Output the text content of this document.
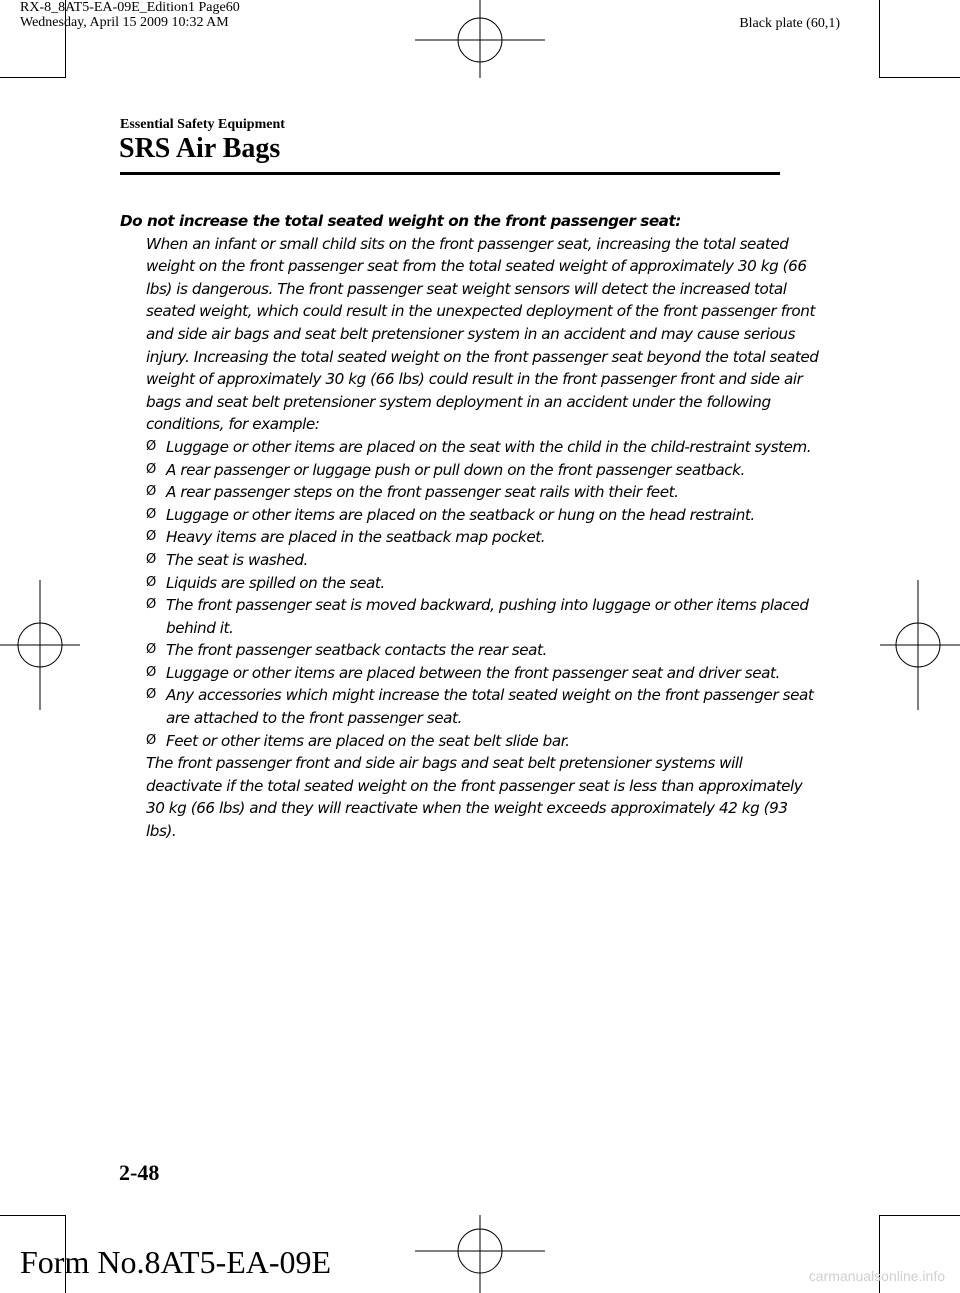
RX-8_8AT5-EA-09E_Edition1 Page60
Wednesday, April 15 2009 10:32 AM	Black plate (60,1)
Essential Safety Equipment
SRS Air Bags

Do not increase the total seated weight on the front passenger seat:

When an infant or small child sits on the front passenger seat, increasing the total seated weight on the front passenger seat from the total seated weight of approximately 30 kg (66 lbs) is dangerous. The front passenger seat weight sensors will detect the increased total seated weight, which could result in the unexpected deployment of the front passenger front and side air bags and seat belt pretensioner system in an accident and may cause serious injury. Increasing the total seated weight on the front passenger seat beyond the total seated weight of approximately 30 kg (66 lbs) could result in the front passenger front and side air bags and seat belt pretensioner system deployment in an accident under the following conditions, for example:

Ø Luggage or other items are placed on the seat with the child in the child-restraint system.
Ø A rear passenger or luggage push or pull down on the front passenger seatback.
Ø A rear passenger steps on the front passenger seat rails with their feet.
Ø Luggage or other items are placed on the seatback or hung on the head restraint.
Ø Heavy items are placed in the seatback map pocket.
Ø The seat is washed.
Ø Liquids are spilled on the seat.
Ø The front passenger seat is moved backward, pushing into luggage or other items placed behind it.
Ø The front passenger seatback contacts the rear seat.
Ø Luggage or other items are placed between the front passenger seat and driver seat.
Ø Any accessories which might increase the total seated weight on the front passenger seat are attached to the front passenger seat.
Ø Feet or other items are placed on the seat belt slide bar.

The front passenger front and side air bags and seat belt pretensioner systems will deactivate if the total seated weight on the front passenger seat is less than approximately 30 kg (66 lbs) and they will reactivate when the weight exceeds approximately 42 kg (93 lbs).

2-48
Form No.8AT5-EA-09E	carmanualsonline.info
